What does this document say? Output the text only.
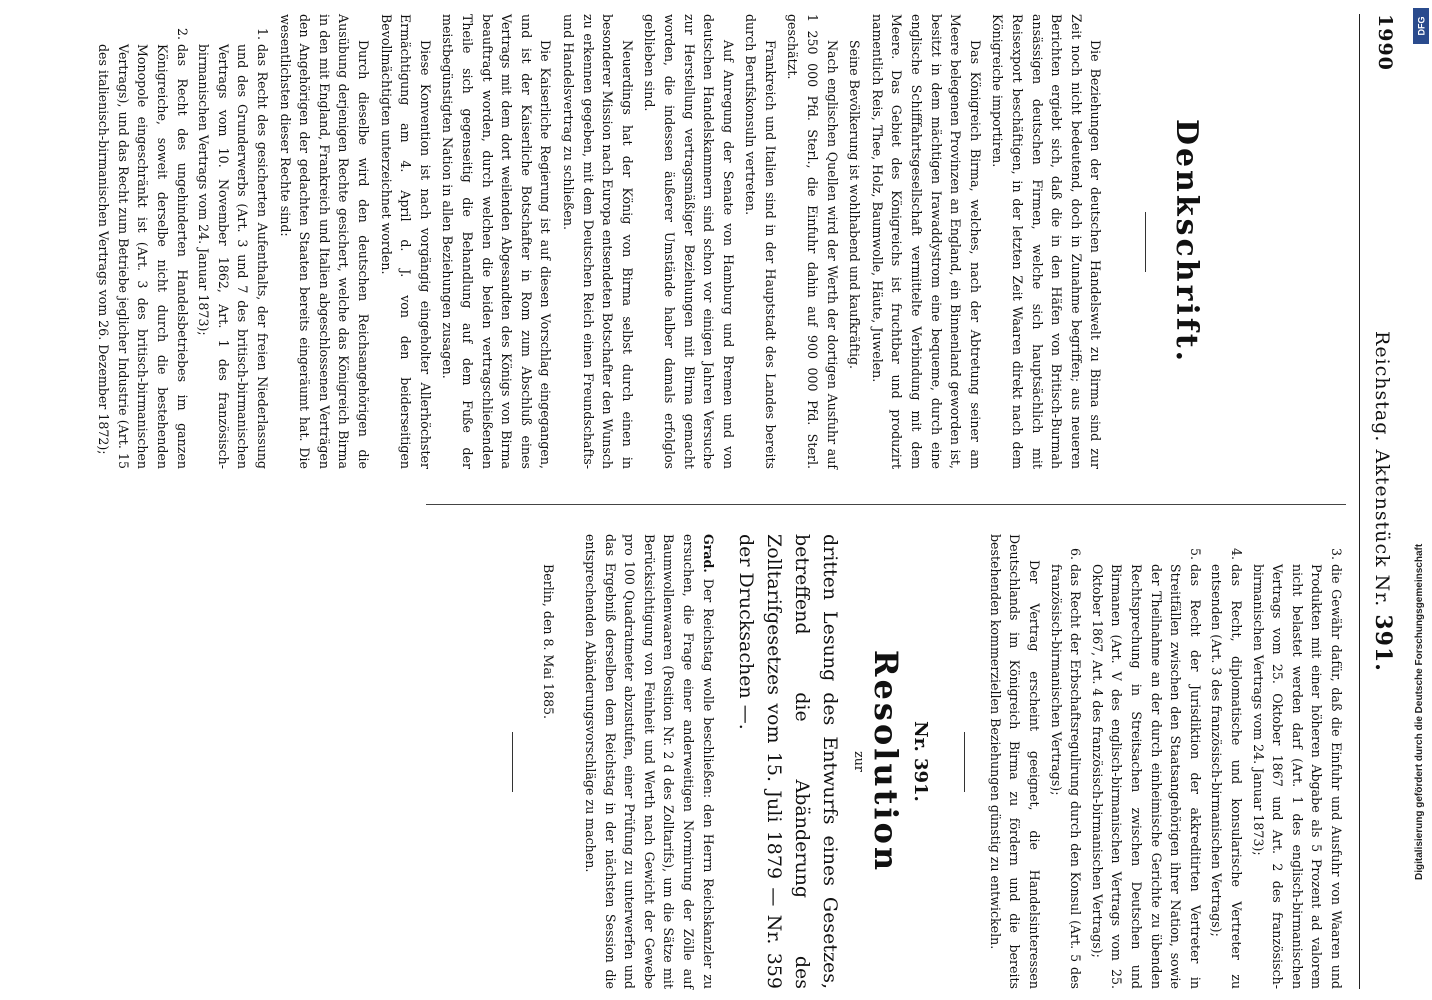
1990
Reichstag. Aktenstück Nr. 391.
Denkschrift.

Die Beziehungen der deutschen Handelswelt zu Birma sind zur Zeit noch nicht bedeutend, doch in Zunahme begriffen; aus neueren Berichten ergiebt sich, daß die in den Häfen von Britisch-Burmah ansässigen deutschen Firmen, welche sich hauptsächlich mit Reisexport beschäftigen, in der letzten Zeit Waaren direkt nach dem Königreiche importiren.

Das Königreich Birma, welches, nach der Abtretung seiner am Meere belegenen Provinzen an England, ein Binnenland geworden ist, besitzt in dem mächtigen Irawaddystrom eine bequeme, durch eine englische Schifffahrtsgesellschaft vermittelte Verbindung mit dem Meere. Das Gebiet des Königreichs ist fruchtbar und produzirt namentlich Reis, Thee, Holz, Baumwolle, Häute, Juwelen.

Seine Bevölkerung ist wohlhabend und kaufkräftig.

Nach englischen Quellen wird der Werth der dortigen Ausfuhr auf 1 250 000 Pfd. Sterl., die Einfuhr dahin auf 900 000 Pfd. Sterl. geschätzt.

Frankreich und Italien sind in der Hauptstadt des Landes bereits durch Berufskonsuln vertreten.

Auf Anregung der Senate von Hamburg und Bremen und von deutschen Handelskammern sind schon vor einigen Jahren Versuche zur Herstellung vertragsmäßiger Beziehungen mit Birma gemacht worden, die indessen äußerer Umstände halber damals erfolglos geblieben sind.

Neuerdings hat der König von Birma selbst durch einen in besonderer Mission nach Europa entsendeten Botschafter den Wunsch zu erkennen gegeben, mit dem Deutschen Reich einen Freundschafts- und Handelsvertrag zu schließen.

Die Kaiserliche Regierung ist auf diesen Vorschlag eingegangen, und ist der Kaiserliche Botschafter in Rom zum Abschluß eines Vertrags mit dem dort weilenden Abgesandten des Königs von Birma beauftragt worden, durch welchen die beiden vertragschließenden Theile sich gegenseitig die Behandlung auf dem Fuße der meistbegünstigten Nation in allen Beziehungen zusagen.

Diese Konvention ist nach vorgängig eingeholter Allerhöchster Ermächtigung am 4. April d. J. von den beiderseitigen Bevollmächtigten unterzeichnet worden.

Durch dieselbe wird den deutschen Reichsangehörigen die Ausübung derjenigen Rechte gesichert, welche das Königreich Birma in den mit England, Frankreich und Italien abgeschlossenen Verträgen den Angehörigen der gedachten Staaten bereits eingeräumt hat. Die wesentlichsten dieser Rechte sind:

1. das Recht des gesicherten Aufenthalts, der freien Niederlassung und des Grunderwerbs (Art. 3 und 7 des britisch-birmanischen Vertrags vom 10. November 1862, Art. 1 des französisch-birmanischen Vertrags vom 24. Januar 1873);
2. das Recht des ungehinderten Handelsbetriebes im ganzen Königreiche, soweit derselbe nicht durch die bestehenden Monopole eingeschränkt ist (Art. 3 des britisch-birmanischen Vertrags), und das Recht zum Betriebe jeglicher Industrie (Art. 15 des italienisch-birmanischen Vertrags vom 26. Dezember 1872);
3. die Gewähr dafür, daß die Einfuhr und Ausfuhr von Waaren und Produkten mit einer höheren Abgabe als 5 Prozent ad valorem nicht belastet werden darf (Art. 1 des englisch-birmanischen Vertrags vom 25. Oktober 1867 und Art. 2 des französisch-birmanischen Vertrags vom 24. Januar 1873);
4. das Recht, diplomatische und konsularische Vertreter zu entsenden (Art. 3 des französisch-birmanischen Vertrags);
5. das Recht der Jurisdiktion der akkreditirten Vertreter in Streitfällen zwischen den Staatsangehörigen ihrer Nation, sowie der Theilnahme an der durch einheimische Gerichte zu übenden Rechtsprechung in Streitsachen zwischen Deutschen und Birmanen (Art. V des englisch-birmanischen Vertrags vom 25. Oktober 1867, Art. 4 des französisch-birmanischen Vertrags);
6. das Recht der Erbschaftsregulirung durch den Konsul (Art. 5 des französisch-birmanischen Vertrags);

Der Vertrag erscheint geeignet, die Handelsinteressen Deutschlands im Königreich Birma zu fördern und die bereits bestehenden kommerziellen Beziehungen günstig zu entwickeln.

Nr. 391.
Resolution
zur
dritten Lesung des Entwurfs eines Gesetzes, betreffend die Abänderung des Zolltarifgesetzes vom 15. Juli 1879 — Nr. 359 der Drucksachen —.
Grad. Der Reichstag wolle beschließen: den Herrn Reichskanzler zu ersuchen, die Frage einer anderweitigen Normirung der Zölle auf Baumwollenwaaren (Position Nr. 2 d des Zolltarifs), um die Sätze mit Berücksichtigung von Feinheit und Werth nach Gewicht der Gewebe pro 100 Quadratmeter abzustufen, einer Prüfung zu unterwerfen und das Ergebniß derselben dem Reichstag in der nächsten Session die entsprechenden Abänderungsvorschläge zu machen.
Berlin, den 8. Mai 1885.
DFG
Digitalisierung gefördert durch die Deutsche Forschungsgemeinschaft
